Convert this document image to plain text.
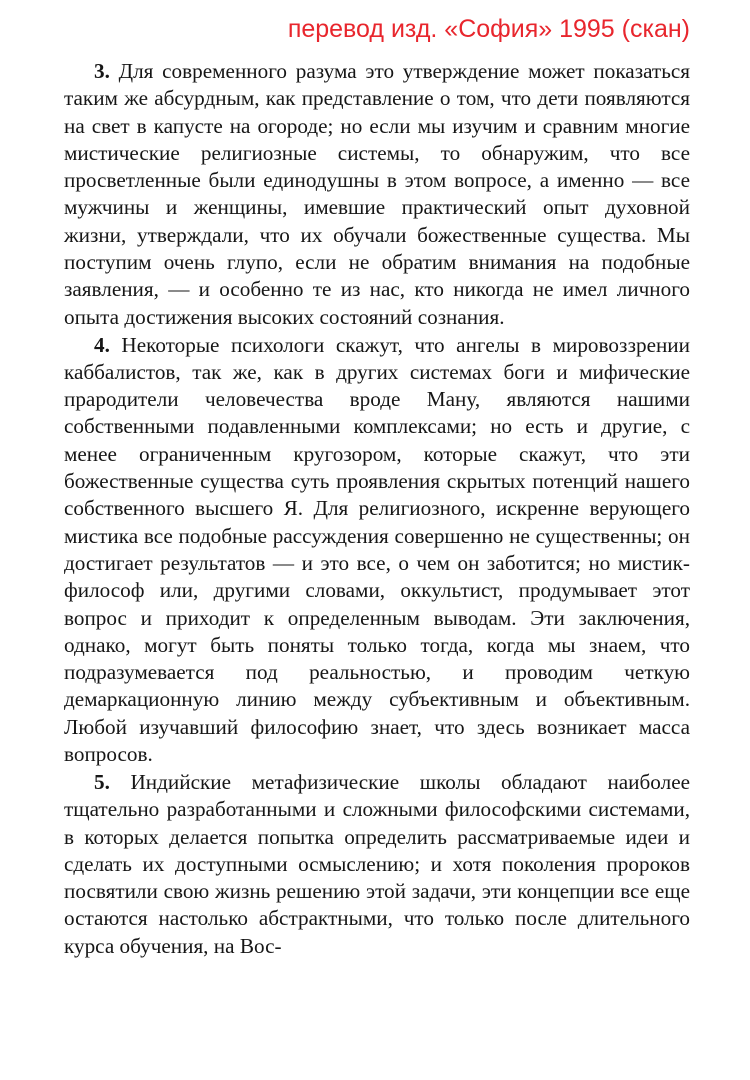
перевод изд. «София» 1995 (скан)

3. Для современного разума это утверждение может показаться таким же абсурдным, как представление о том, что дети появляются на свет в капусте на огороде; но если мы изучим и сравним многие мистические религиозные системы, то обнаружим, что все просветленные были единодушны в этом вопросе, а именно — все мужчины и женщины, имевшие практический опыт духовной жизни, утверждали, что их обучали божественные существа. Мы поступим очень глупо, если не обратим внимания на подобные заявления, — и особенно те из нас, кто никогда не имел личного опыта достижения высоких состояний сознания.

4. Некоторые психологи скажут, что ангелы в мировоззрении каббалистов, так же, как в других системах боги и мифические прародители человечества вроде Ману, являются нашими собственными подавленными комплексами; но есть и другие, с менее ограниченным кругозором, которые скажут, что эти божественные существа суть проявления скрытых потенций нашего собственного высшего Я. Для религиозного, искренне верующего мистика все подобные рассуждения совершенно не существенны; он достигает результатов — и это все, о чем он заботится; но мистик-философ или, другими словами, оккультист, продумывает этот вопрос и приходит к определенным выводам. Эти заключения, однако, могут быть поняты только тогда, когда мы знаем, что подразумевается под реальностью, и проводим четкую демаркационную линию между субъективным и объективным. Любой изучавший философию знает, что здесь возникает масса вопросов.

5. Индийские метафизические школы обладают наиболее тщательно разработанными и сложными философскими системами, в которых делается попытка определить рассматриваемые идеи и сделать их доступными осмыслению; и хотя поколения пророков посвятили свою жизнь решению этой задачи, эти концепции все еще остаются настолько абстрактными, что только после длительного курса обучения, на Вос-
